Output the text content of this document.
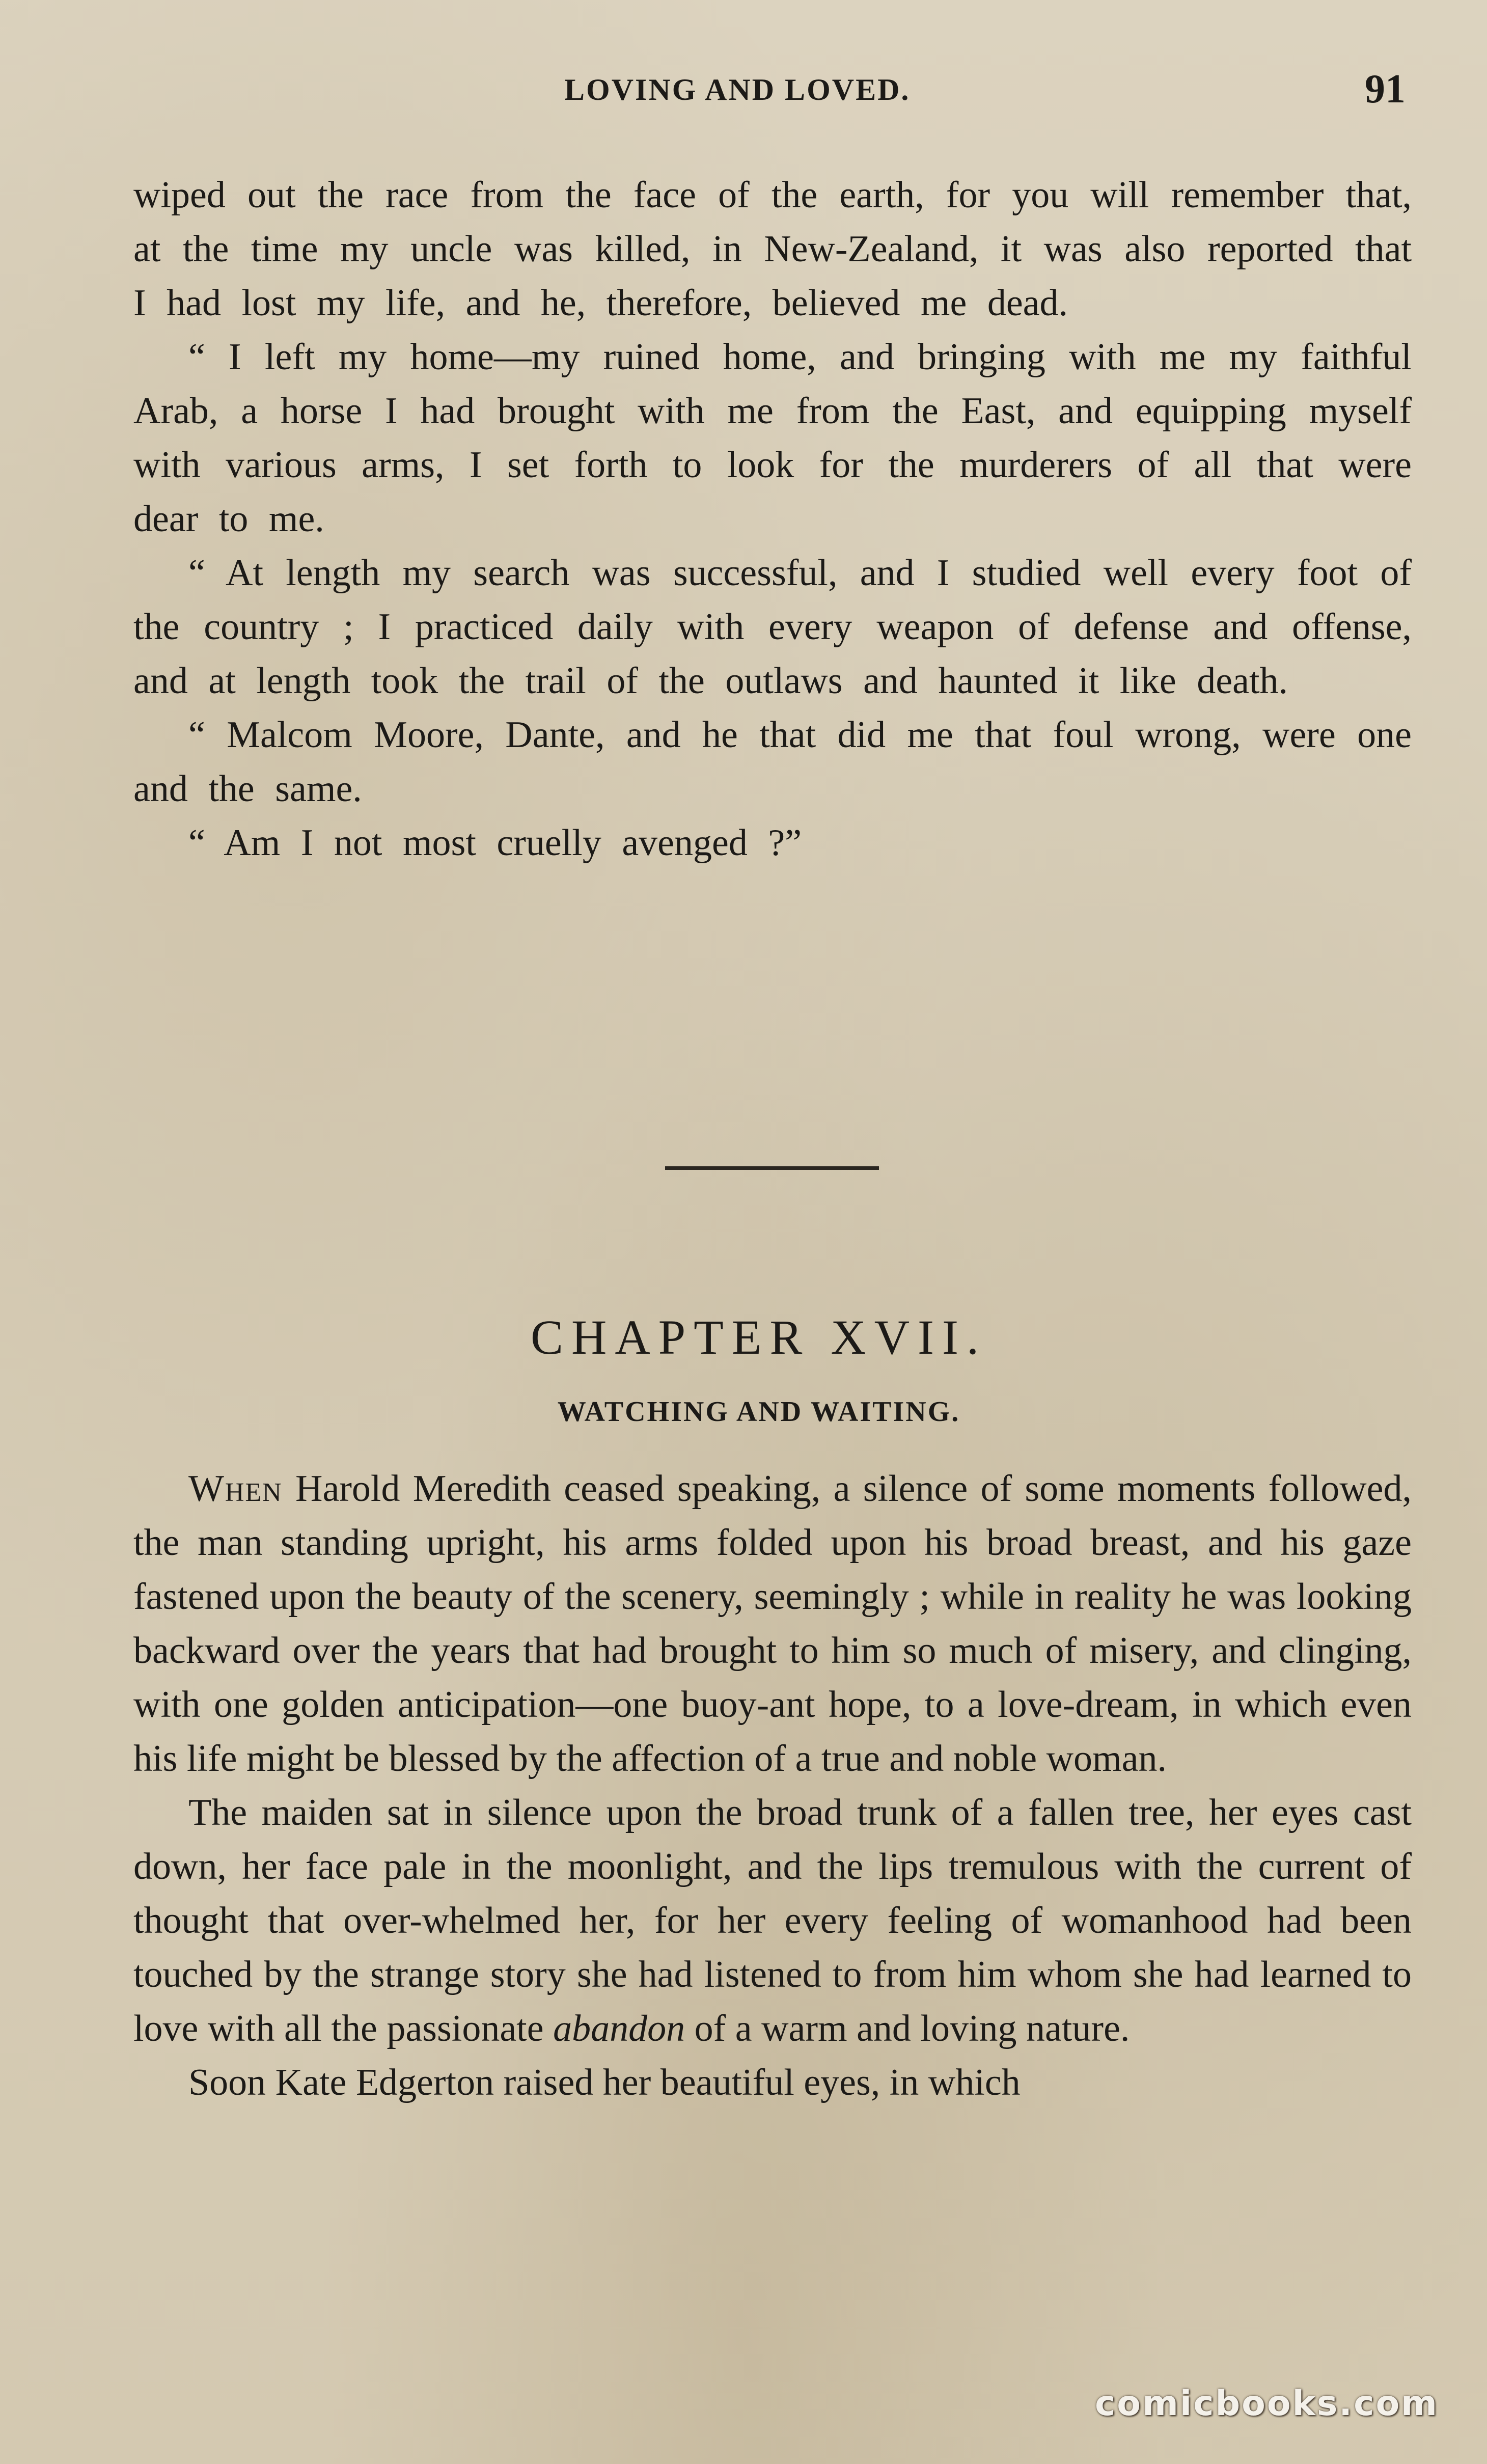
LOVING AND LOVED.	91

wiped out the race from the face of the earth, for you will remember that, at the time my uncle was killed, in New-Zealand, it was also reported that I had lost my life, and he, therefore, believed me dead.

“ I left my home—my ruined home, and bringing with me my faithful Arab, a horse I had brought with me from the East, and equipping myself with various arms, I set forth to look for the murderers of all that were dear to me.

“ At length my search was successful, and I studied well every foot of the country ; I practiced daily with every weapon of defense and offense, and at length took the trail of the outlaws and haunted it like death.

“ Malcom Moore, Dante, and he that did me that foul wrong, were one and the same.

“ Am I not most cruelly avenged ?”

CHAPTER XVII.
WATCHING AND WAITING.

When Harold Meredith ceased speaking, a silence of some moments followed, the man standing upright, his arms folded upon his broad breast, and his gaze fastened upon the beauty of the scenery, seemingly ; while in reality he was looking backward over the years that had brought to him so much of misery, and clinging, with one golden anticipation—one buoy-ant hope, to a love-dream, in which even his life might be blessed by the affection of a true and noble woman.

The maiden sat in silence upon the broad trunk of a fallen tree, her eyes cast down, her face pale in the moonlight, and the lips tremulous with the current of thought that over-whelmed her, for her every feeling of womanhood had been touched by the strange story she had listened to from him whom she had learned to love with all the passionate abandon of a warm and loving nature.

Soon Kate Edgerton raised her beautiful eyes, in which

comicbooks.com
